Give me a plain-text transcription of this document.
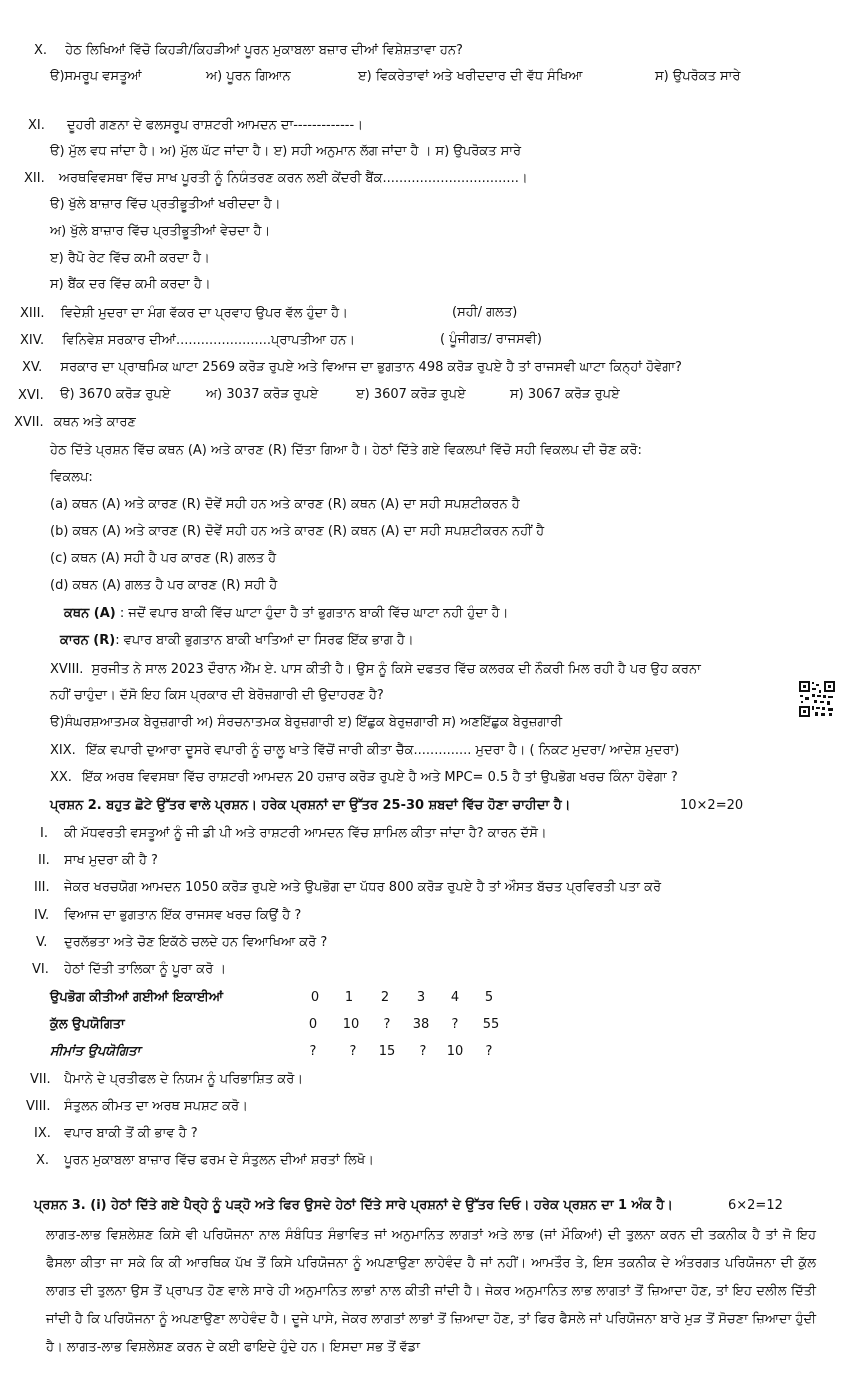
X. ਹੇਠ ਲਿਖਿਆਂ ਵਿੱਚੋ ਕਿਹੜੀ/ਕਿਹੜੀਆਂ ਪੂਰਨ ਮੁਕਾਬਲਾ ਬਜ਼ਾਰ ਦੀਆਂ ਵਿਸ਼ੇਸ਼ਤਾਵਾ ਹਨ?
ੳ)ਸਮਰੂਪ ਵਸਤੂਆਂ	ਅ) ਪੂਰਨ ਗਿਆਨ	ੲ) ਵਿਕਰੇਤਾਵਾਂ ਅਤੇ ਖਰੀਦਦਾਰ ਦੀ ਵੱਧ ਸੰਖਿਆ	ਸ) ਉਪਰੋਕਤ ਸਾਰੇ
XI. ਦੂਹਰੀ ਗਣਨਾ ਦੇ ਫਲਸਰੂਪ ਰਾਸ਼ਟਰੀ ਆਮਦਨ ਦਾ-------------।
ੳ) ਮੁੱਲ ਵਧ ਜਾਂਦਾ ਹੈ। ਅ) ਮੁੱਲ ਘੱਟ ਜਾਂਦਾ ਹੈ। ੲ) ਸਹੀ ਅਨੁਮਾਨ ਲੱਗ ਜਾਂਦਾ ਹੈ । ਸ) ਉਪਰੋਕਤ ਸਾਰੇ
XII. ਅਰਥਵਿਵਸਥਾ ਵਿੱਚ ਸਾਖ ਪੂਰਤੀ ਨੂੰ ਨਿਯੰਤਰਣ ਕਰਨ ਲਈ ਕੇਂਦਰੀ ਬੈਂਕ.................................।
ੳ) ਖੁੱਲੇ ਬਾਜ਼ਾਰ ਵਿੱਚ ਪ੍ਰਤੀਭੂਤੀਆਂ ਖਰੀਦਦਾ ਹੈ।
ਅ) ਖੁੱਲੇ ਬਾਜ਼ਾਰ ਵਿੱਚ ਪ੍ਰਤੀਭੂਤੀਆਂ ਵੇਚਦਾ ਹੈ।
ੲ) ਰੈਪੋ ਰੇਟ ਵਿੱਚ ਕਮੀ ਕਰਦਾ ਹੈ।
ਸ) ਬੈਂਕ ਦਰ ਵਿੱਚ ਕਮੀ ਕਰਦਾ ਹੈ।
XIII. ਵਿਦੇਸ਼ੀ ਮੁਦਰਾ ਦਾ ਮੰਗ ਵੱਕਰ ਦਾ ਪ੍ਰਵਾਹ ਉਪਰ ਵੱਲ ਹੁੰਦਾ ਹੈ।	(ਸਹੀ/ ਗਲਤ)
XIV. ਵਿਨਿਵੇਸ਼ ਸਰਕਾਰ ਦੀਆਂ.......................ਪ੍ਰਾਪਤੀਆ ਹਨ।	( ਪੂੰਜੀਗਤ/ ਰਾਜਸਵੀ)
XV. ਸਰਕਾਰ ਦਾ ਪ੍ਰਾਥਮਿਕ ਘਾਟਾ 2569 ਕਰੋੜ ਰੁਪਏ ਅਤੇ ਵਿਆਜ ਦਾ ਭੁਗਤਾਨ 498 ਕਰੋੜ ਰੁਪਏ ਹੈ ਤਾਂ ਰਾਜਸਵੀ ਘਾਟਾ ਕਿਨ੍ਹਾਂ ਹੋਵੇਗਾ?
XVI. ੳ) 3670 ਕਰੋੜ ਰੁਪਏ	ਅ) 3037 ਕਰੋੜ ਰੁਪਏ	ੲ) 3607 ਕਰੋੜ ਰੁਪਏ	ਸ) 3067 ਕਰੋੜ ਰੁਪਏ
XVII. ਕਥਨ ਅਤੇ ਕਾਰਣ
ਹੇਠ ਦਿੱਤੇ ਪ੍ਰਸ਼ਨ ਵਿੱਚ ਕਥਨ (A) ਅਤੇ ਕਾਰਣ (R) ਦਿੱਤਾ ਗਿਆ ਹੈ। ਹੇਠਾਂ ਦਿੱਤੇ ਗਏ ਵਿਕਲਪਾਂ ਵਿੱਚੋ ਸਹੀ ਵਿਕਲਪ ਦੀ ਚੋਣ ਕਰੋ:
ਵਿਕਲਪ:
(a) ਕਥਨ (A) ਅਤੇ ਕਾਰਣ (R) ਦੋਵੇਂ ਸਹੀ ਹਨ ਅਤੇ ਕਾਰਣ (R) ਕਥਨ (A) ਦਾ ਸਹੀ ਸਪਸ਼ਟੀਕਰਨ ਹੈ
(b) ਕਥਨ (A) ਅਤੇ ਕਾਰਣ (R) ਦੋਵੇਂ ਸਹੀ ਹਨ ਅਤੇ ਕਾਰਣ (R) ਕਥਨ (A) ਦਾ ਸਹੀ ਸਪਸ਼ਟੀਕਰਨ ਨਹੀਂ ਹੈ
(c) ਕਥਨ (A) ਸਹੀ ਹੈ ਪਰ ਕਾਰਣ (R) ਗਲਤ ਹੈ
(d) ਕਥਨ (A) ਗਲਤ ਹੈ ਪਰ ਕਾਰਣ (R) ਸਹੀ ਹੈ
ਕਥਨ (A) : ਜਦੋਂ ਵਪਾਰ ਬਾਕੀ ਵਿੱਚ ਘਾਟਾ ਹੁੰਦਾ ਹੈ ਤਾਂ ਭੁਗਤਾਨ ਬਾਕੀ ਵਿੱਚ ਘਾਟਾ ਨਹੀ ਹੁੰਦਾ ਹੈ।
ਕਾਰਨ (R): ਵਪਾਰ ਬਾਕੀ ਭੁਗਤਾਨ ਬਾਕੀ ਖਾਤਿਆਂ ਦਾ ਸਿਰਫ ਇੱਕ ਭਾਗ ਹੈ।
XVIII. ਸੁਰਜੀਤ ਨੇ ਸਾਲ 2023 ਦੌਰਾਨ ਐੱਮ ਏ. ਪਾਸ ਕੀਤੀ ਹੈ। ਉਸ ਨੂੰ ਕਿਸੇ ਦਫਤਰ ਵਿੱਚ ਕਲਰਕ ਦੀ ਨੌਕਰੀ ਮਿਲ ਰਹੀ ਹੈ ਪਰ ਉਹ ਕਰਨਾ
ਨਹੀਂ ਚਾਹੁੰਦਾ। ਦੱਸੋ ਇਹ ਕਿਸ ਪ੍ਰਕਾਰ ਦੀ ਬੇਰੋਜ਼ਗਾਰੀ ਦੀ ਉਦਾਹਰਣ ਹੈ?
ੳ)ਸੰਘਰਸ਼ਆਤਮਕ ਬੇਰੁਜ਼ਗਾਰੀ ਅ) ਸੰਰਚਨਾਤਮਕ ਬੇਰੁਜ਼ਗਾਰੀ ੲ) ਇੱਛੁਕ ਬੇਰੁਜ਼ਗਾਰੀ ਸ) ਅਣਇੱਛੁਕ ਬੇਰੁਜ਼ਗਾਰੀ
XIX. ਇੱਕ ਵਪਾਰੀ ਦੁਆਰਾ ਦੂਸਰੇ ਵਪਾਰੀ ਨੂੰ ਚਾਲੂ ਖਾਤੇ ਵਿੱਚੋਂ ਜਾਰੀ ਕੀਤਾ ਚੈੱਕ.............. ਮੁਦਰਾ ਹੈ। ( ਨਿਕਟ ਮੁਦਰਾ/ ਆਦੇਸ਼ ਮੁਦਰਾ)
XX. ਇੱਕ ਅਰਥ ਵਿਵਸਥਾ ਵਿੱਚ ਰਾਸ਼ਟਰੀ ਆਮਦਨ 20 ਹਜ਼ਾਰ ਕਰੋੜ ਰੁਪਏ ਹੈ ਅਤੇ MPC= 0.5 ਹੈ ਤਾਂ ਉਪਭੋਗ ਖਰਚ ਕਿੰਨਾ ਹੋਵੇਗਾ ?
ਪ੍ਰਸ਼ਨ 2. ਬਹੁਤ ਛੋਟੇ ਉੱਤਰ ਵਾਲੇ ਪ੍ਰਸ਼ਨ। ਹਰੇਕ ਪ੍ਰਸ਼ਨਾਂ ਦਾ ਉੱਤਰ 25-30 ਸ਼ਬਦਾਂ ਵਿੱਚ ਹੋਣਾ ਚਾਹੀਦਾ ਹੈ।	10×2=20
I. ਕੀ ਮੱਧਵਰਤੀ ਵਸਤੂਆਂ ਨੂੰ ਜੀ ਡੀ ਪੀ ਅਤੇ ਰਾਸ਼ਟਰੀ ਆਮਦਨ ਵਿੱਚ ਸ਼ਾਮਿਲ ਕੀਤਾ ਜਾਂਦਾ ਹੈ? ਕਾਰਨ ਦੱਸੋ।
II. ਸਾਖ ਮੁਦਰਾ ਕੀ ਹੈ ?
III. ਜੇਕਰ ਖਰਚਯੋਗ ਆਮਦਨ 1050 ਕਰੋੜ ਰੁਪਏ ਅਤੇ ਉਪਭੋਗ ਦਾ ਪੱਧਰ 800 ਕਰੋੜ ਰੁਪਏ ਹੈ ਤਾਂ ਔਸਤ ਬੱਚਤ ਪ੍ਰਵਿਰਤੀ ਪਤਾ ਕਰੋ
IV. ਵਿਆਜ ਦਾ ਭੁਗਤਾਨ ਇੱਕ ਰਾਜਸਵ ਖਰਚ ਕਿਉਂ ਹੈ ?
V. ਦੁਰਲੱਭਤਾ ਅਤੇ ਚੋਣ ਇਕੱਠੇ ਚਲਦੇ ਹਨ ਵਿਆਖਿਆ ਕਰੋ ?
VI. ਹੇਠਾਂ ਦਿੱਤੀ ਤਾਲਿਕਾ ਨੂੰ ਪੂਰਾ ਕਰੋ ।
ਉਪਭੋਗ ਕੀਤੀਆਂ ਗਈਆਂ ਇਕਾਈਆਂ	0	1	2	3	4	5
ਕੁੱਲ ਉਪਯੋਗਿਤਾ	0	10	?	38	?	55
ਸੀਮਾਂਤ ਉਪਯੋਗਿਤਾ	?	?	15	?	10	?
VII. ਪੈਮਾਨੇ ਦੇ ਪ੍ਰਤੀਫਲ ਦੇ ਨਿਯਮ ਨੂੰ ਪਰਿਭਾਸ਼ਿਤ ਕਰੋ।
VIII. ਸੰਤੁਲਨ ਕੀਮਤ ਦਾ ਅਰਥ ਸਪਸ਼ਟ ਕਰੋ।
IX. ਵਪਾਰ ਬਾਕੀ ਤੋਂ ਕੀ ਭਾਵ ਹੈ ?
X. ਪੂਰਨ ਮੁਕਾਬਲਾ ਬਾਜ਼ਾਰ ਵਿੱਚ ਫਰਮ ਦੇ ਸੰਤੁਲਨ ਦੀਆਂ ਸ਼ਰਤਾਂ ਲਿਖੋ।
ਪ੍ਰਸ਼ਨ 3. (i) ਹੇਠਾਂ ਦਿੱਤੇ ਗਏ ਪੈਰ੍ਹੇ ਨੂੰ ਪੜ੍ਹੋ ਅਤੇ ਫਿਰ ਉਸਦੇ ਹੇਠਾਂ ਦਿੱਤੇ ਸਾਰੇ ਪ੍ਰਸ਼ਨਾਂ ਦੇ ਉੱਤਰ ਦਿਓ। ਹਰੇਕ ਪ੍ਰਸ਼ਨ ਦਾ 1 ਅੰਕ ਹੈ।	6×2=12
ਲਾਗਤ-ਲਾਭ ਵਿਸ਼ਲੇਸ਼ਣ ਕਿਸੇ ਵੀ ਪਰਿਯੋਜਨਾ ਨਾਲ ਸੰਬੰਧਿਤ ਸੰਭਾਵਿਤ ਜਾਂ ਅਨੁਮਾਨਿਤ ਲਾਗਤਾਂ ਅਤੇ ਲਾਭ (ਜਾਂ ਮੌਕਿਆਂ) ਦੀ ਤੁਲਨਾ ਕਰਨ ਦੀ ਤਕਨੀਕ ਹੈ ਤਾਂ ਜੋ ਇਹ ਫੈਸਲਾ ਕੀਤਾ ਜਾ ਸਕੇ ਕਿ ਕੀ ਆਰਥਿਕ ਪੱਖ ਤੋਂ ਕਿਸੇ ਪਰਿਯੋਜਨਾ ਨੂੰ ਅਪਣਾਉਣਾ ਲਾਹੇਵੰਦ ਹੈ ਜਾਂ ਨਹੀਂ। ਆਮਤੌਰ ਤੇ, ਇਸ ਤਕਨੀਕ ਦੇ ਅੰਤਰਗਤ ਪਰਿਯੋਜਨਾ ਦੀ ਕੁੱਲ ਲਾਗਤ ਦੀ ਤੁਲਨਾ ਉਸ ਤੋਂ ਪ੍ਰਾਪਤ ਹੋਣ ਵਾਲੇ ਸਾਰੇ ਹੀ ਅਨੁਮਾਨਿਤ ਲਾਭਾਂ ਨਾਲ ਕੀਤੀ ਜਾਂਦੀ ਹੈ। ਜੇਕਰ ਅਨੁਮਾਨਿਤ ਲਾਭ ਲਾਗਤਾਂ ਤੋਂ ਜ਼ਿਆਦਾ ਹੋਣ, ਤਾਂ ਇਹ ਦਲੀਲ ਦਿੱਤੀ ਜਾਂਦੀ ਹੈ ਕਿ ਪਰਿਯੋਜਨਾ ਨੂੰ ਅਪਣਾਉਣਾ ਲਾਹੇਵੰਦ ਹੈ। ਦੂਜੇ ਪਾਸੇ, ਜੇਕਰ ਲਾਗਤਾਂ ਲਾਭਾਂ ਤੋਂ ਜ਼ਿਆਦਾ ਹੋਣ, ਤਾਂ ਫਿਰ ਫੈਸਲੇ ਜਾਂ ਪਰਿਯੋਜਨਾ ਬਾਰੇ ਮੁੜ ਤੋਂ ਸੋਚਣਾ ਜ਼ਿਆਦਾ ਹੁੰਦੀ ਹੈ। ਲਾਗਤ-ਲਾਭ ਵਿਸ਼ਲੇਸ਼ਣ ਕਰਨ ਦੇ ਕਈ ਫਾਇਦੇ ਹੁੰਦੇ ਹਨ। ਇਸਦਾ ਸਭ ਤੋਂ ਵੱਡਾ
